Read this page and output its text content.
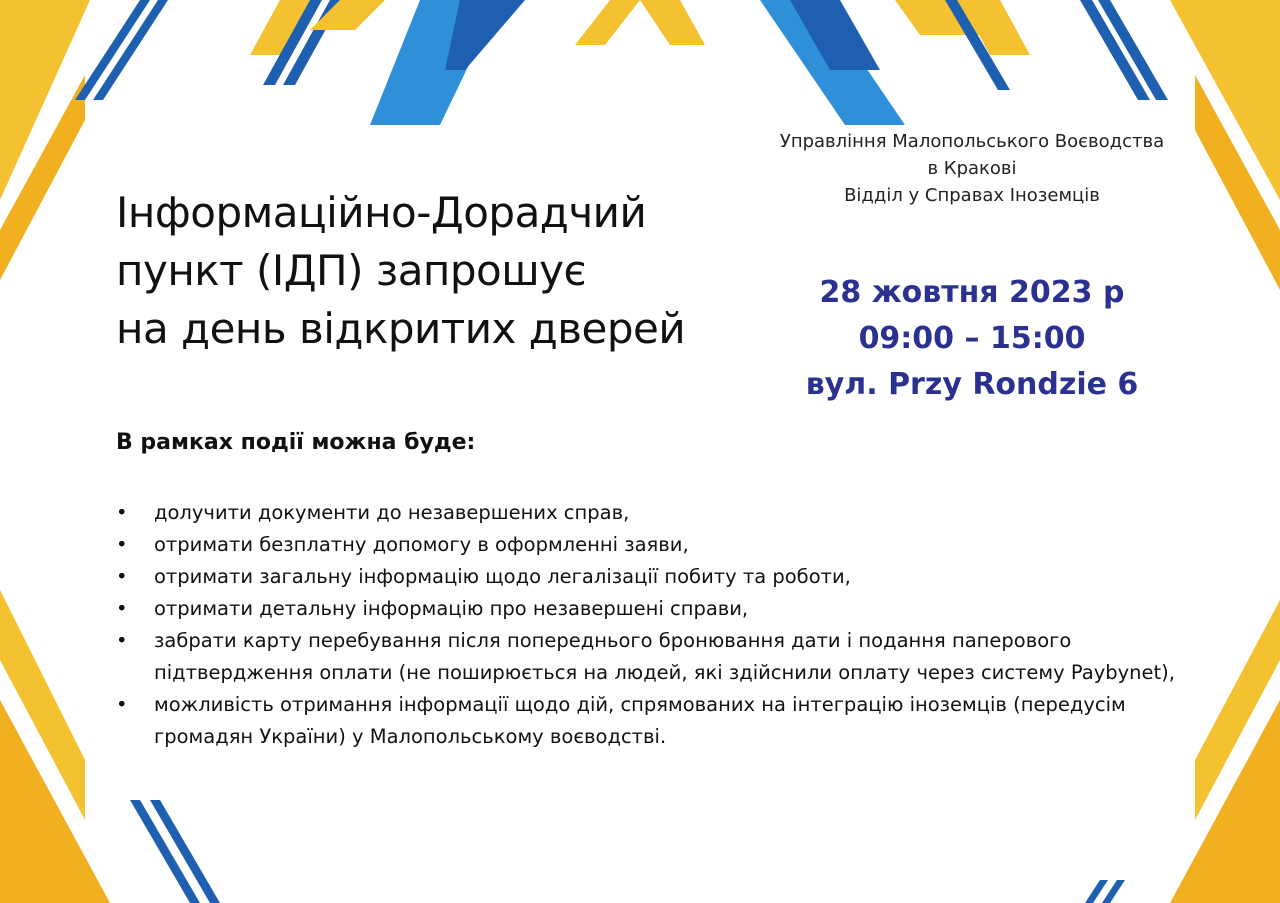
Інформаційно-Дорадчий
пункт (ІДП) запрошує
на день відкритих дверей
Управління Малопольського Воєводства
в Кракові
Відділ у Справах Іноземців
28 жовтня 2023 р
09:00 – 15:00
вул. Przy Rondzie 6
В рамках події можна буде:
• долучити документи до незавершених справ,
• отримати безплатну допомогу в оформленні заяви,
• отримати загальну інформацію щодо легалізації побиту та роботи,
• отримати детальну інформацію про незавершені справи,
• забрати карту перебування після попереднього бронювання дати і подання паперового підтвердження оплати (не поширюється на людей, які здійснили оплату через систему Paybynet),
• можливість отримання інформації щодо дій, спрямованих на інтеграцію іноземців (передусім громадян України) у Малопольському воєводстві.
